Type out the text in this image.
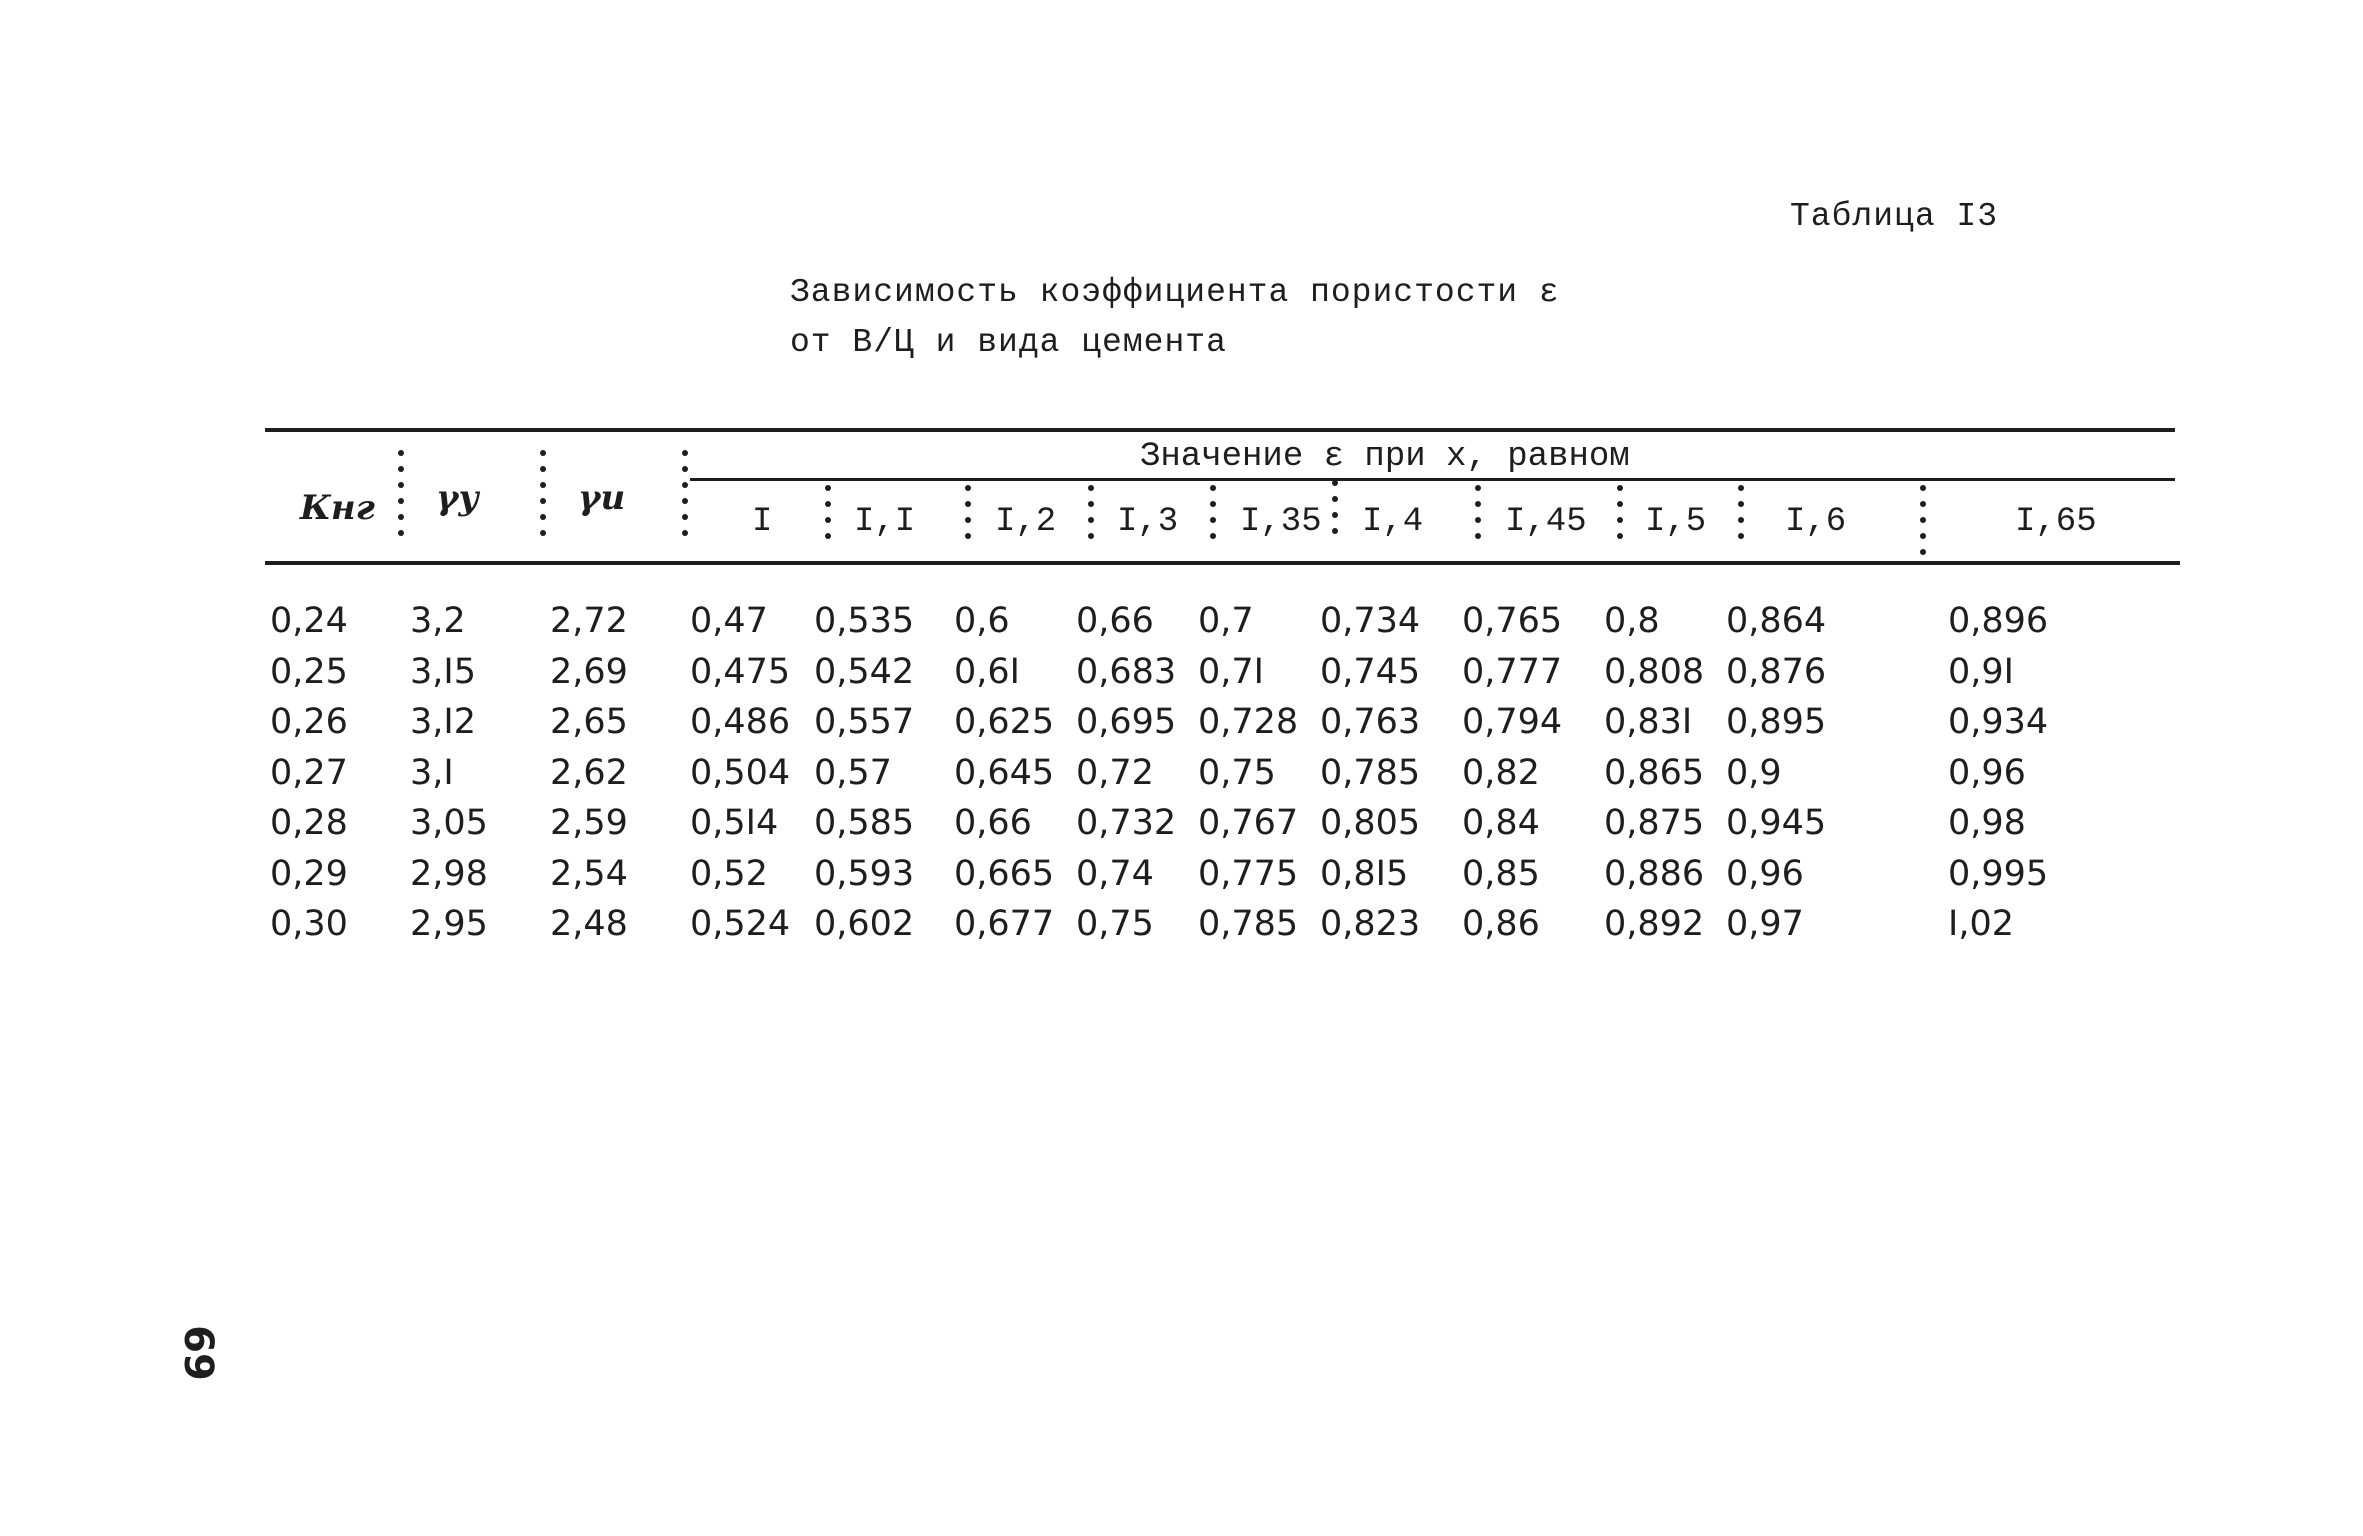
Таблица I3
Зависимость коэффициента пористости ε
от В/Ц и вида цемента
Кнг γу	γи
Значение ε при х, равном
I I,I I,2 I,3 I,35 I,4 I,45 I,5 I,6	I,65
0,24	3,2	2,72	0,47	0,535	0,6	0,66	0,7	0,734	0,765	0,8	0,864	0,896
0,25	3,I5	2,69	0,475	0,542	0,6I	0,683	0,7I	0,745	0,777	0,808	0,876	0,9I
0,26	3,I2	2,65	0,486	0,557	0,625	0,695	0,728	0,763	0,794	0,83I	0,895	0,934
0,27	3,I	2,62	0,504	0,57	0,645	0,72	0,75	0,785	0,82	0,865	0,9	0,96
0,28	3,05	2,59	0,5I4	0,585	0,66	0,732	0,767	0,805	0,84	0,875	0,945	0,98
0,29	2,98	2,54	0,52	0,593	0,665	0,74	0,775	0,8I5	0,85	0,886	0,96	0,995
0,30	2,95	2,48	0,524	0,602	0,677	0,75	0,785	0,823	0,86	0,892	0,97	I,02
69
